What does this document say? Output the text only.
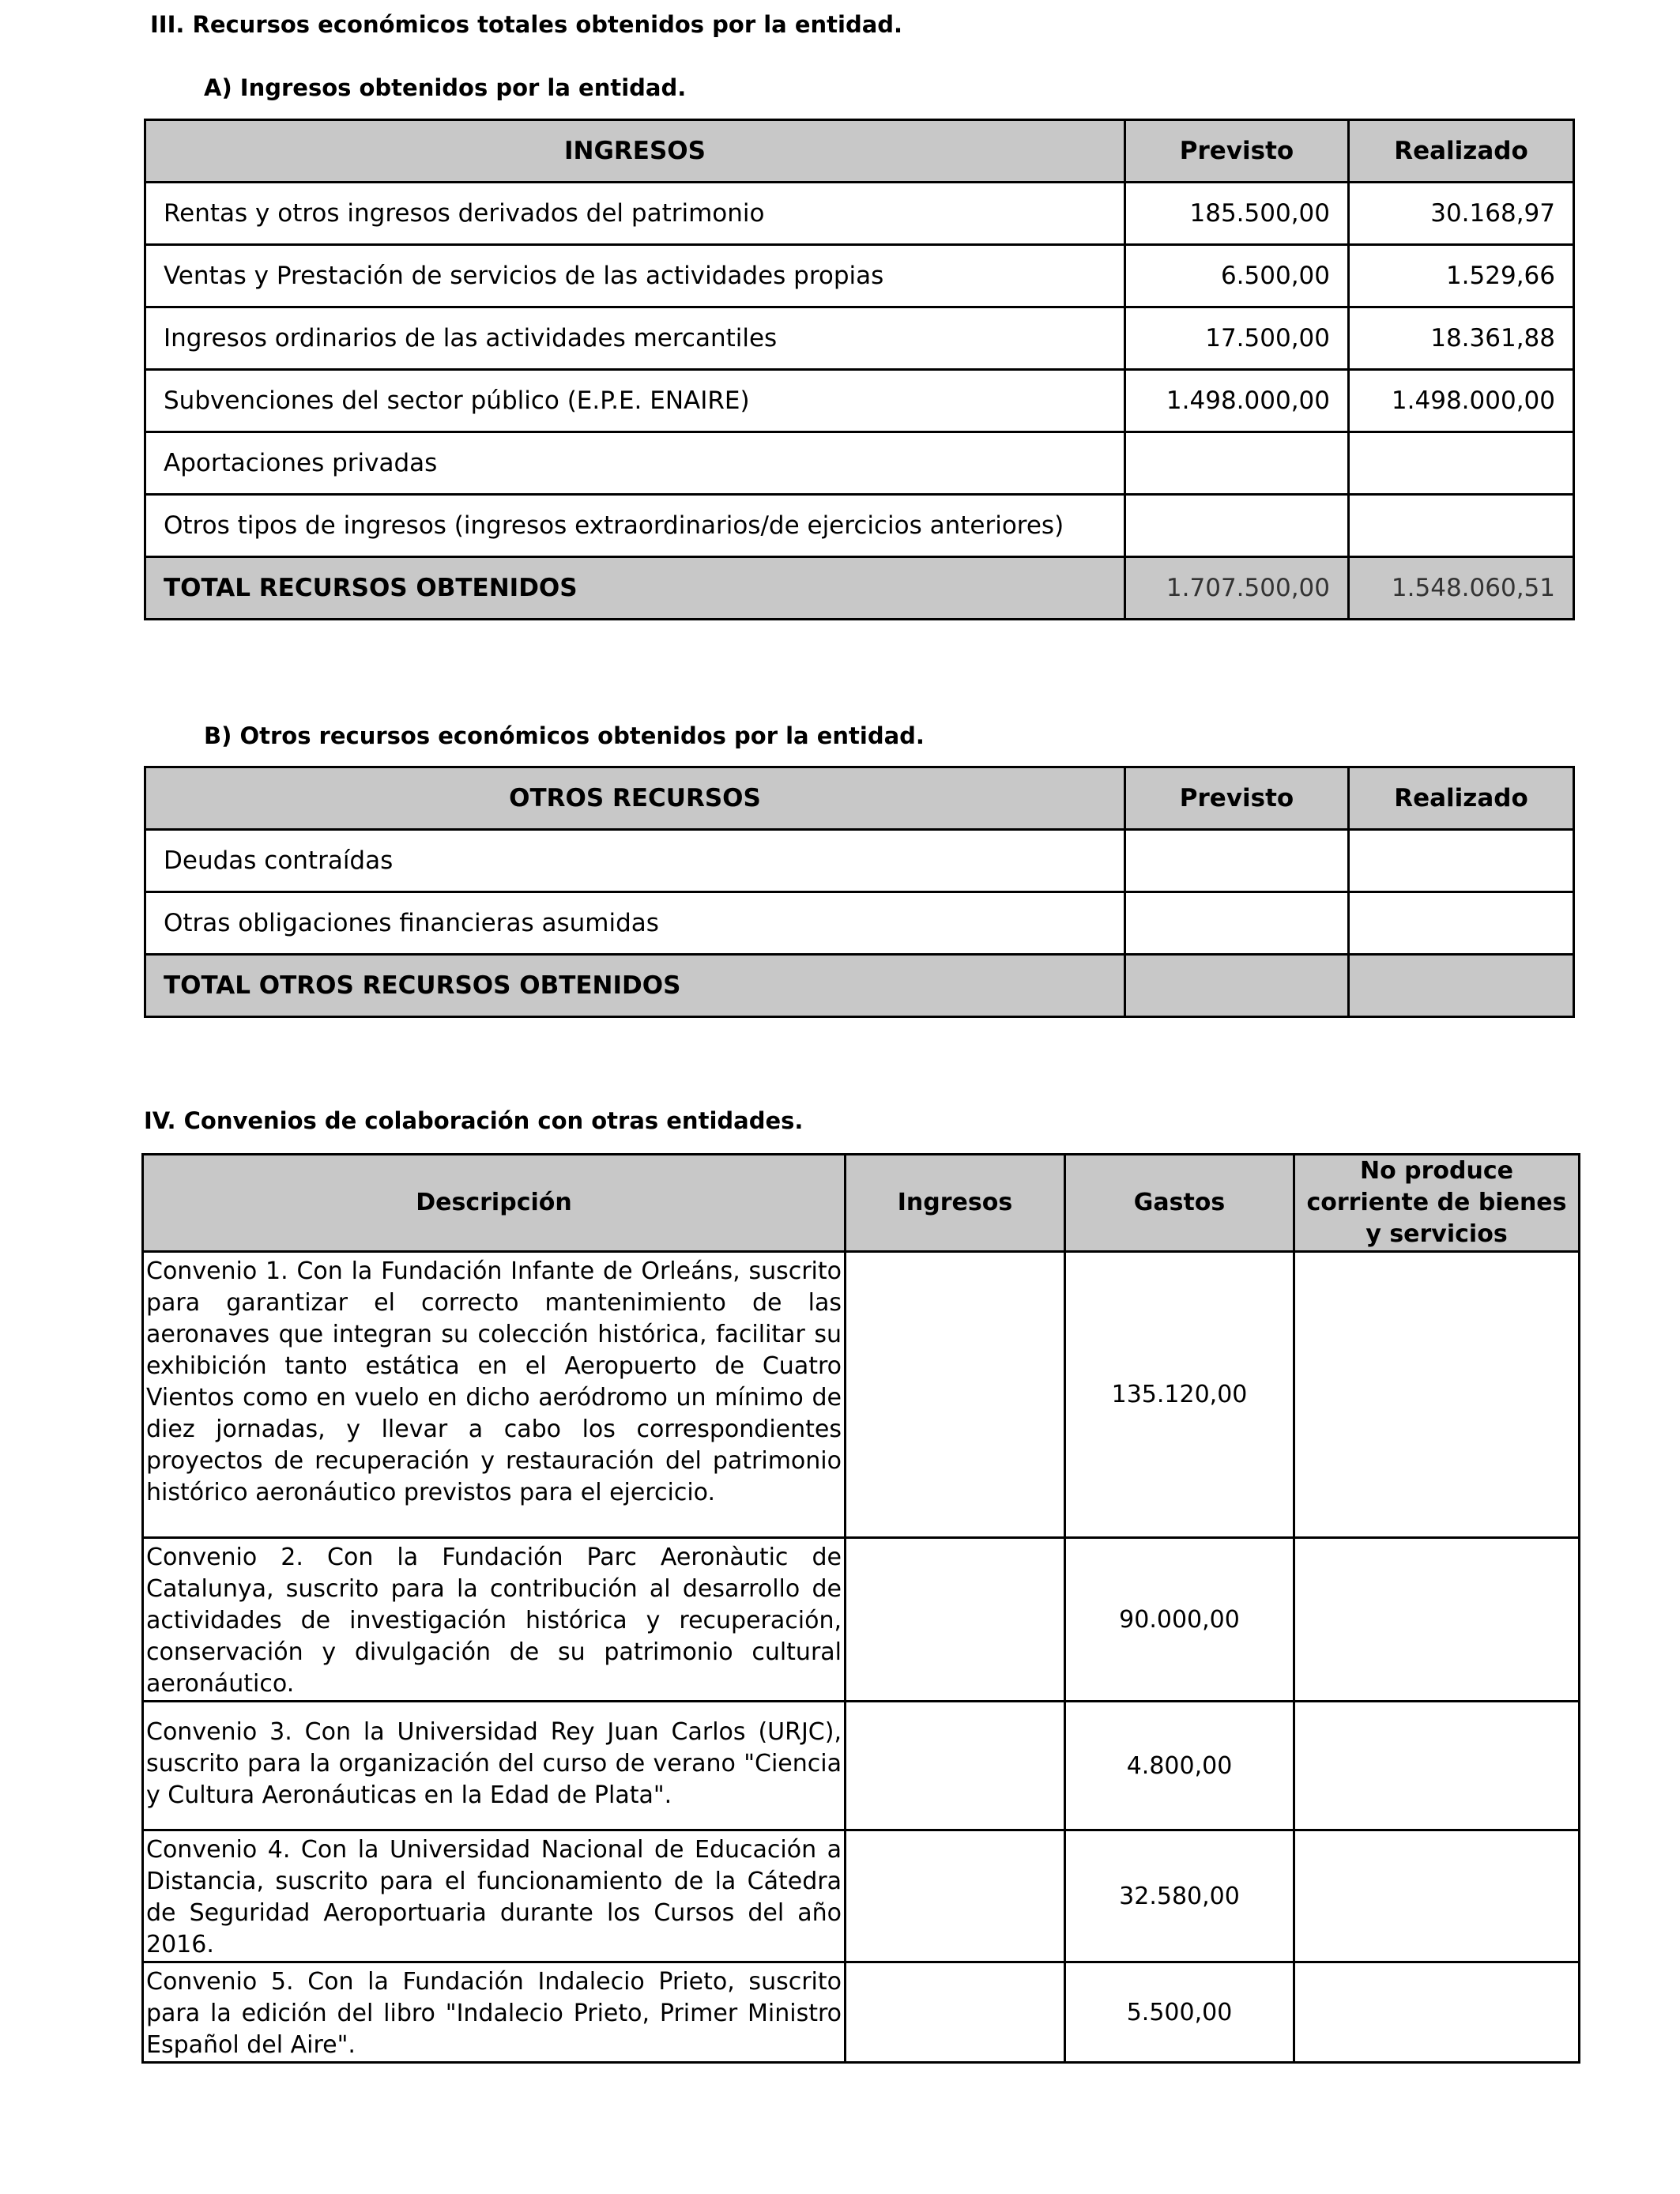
III. Recursos económicos totales obtenidos por la entidad.
A) Ingresos obtenidos por la entidad.
INGRESOS	Previsto	Realizado
Rentas y otros ingresos derivados del patrimonio	185.500,00	30.168,97
Ventas y Prestación de servicios de las actividades propias	6.500,00	1.529,66
Ingresos ordinarios de las actividades mercantiles	17.500,00	18.361,88
Subvenciones del sector público (E.P.E. ENAIRE)	1.498.000,00	1.498.000,00
Aportaciones privadas		
Otros tipos de ingresos (ingresos extraordinarios/de ejercicios anteriores)		
TOTAL RECURSOS OBTENIDOS	1.707.500,00	1.548.060,51
B) Otros recursos económicos obtenidos por la entidad.
OTROS RECURSOS	Previsto	Realizado
Deudas contraídas		
Otras obligaciones financieras asumidas		
TOTAL OTROS RECURSOS OBTENIDOS		
IV. Convenios de colaboración con otras entidades.
Descripción	Ingresos	Gastos	No produce corriente de bienes y servicios
Convenio 1. Con la Fundación Infante de Orleáns, suscrito para garantizar el correcto mantenimiento de las aeronaves que integran su colección histórica, facilitar su exhibición tanto estática en el Aeropuerto de Cuatro Vientos como en vuelo en dicho aeródromo un mínimo de diez jornadas, y llevar a cabo los correspondientes proyectos de recuperación y restauración del patrimonio histórico aeronáutico previstos para el ejercicio.		135.120,00	
Convenio 2. Con la Fundación Parc Aeronàutic de Catalunya, suscrito para la contribución al desarrollo de actividades de investigación histórica y recuperación, conservación y divulgación de su patrimonio cultural aeronáutico.		90.000,00	
Convenio 3. Con la Universidad Rey Juan Carlos (URJC), suscrito para la organización del curso de verano "Ciencia y Cultura Aeronáuticas en la Edad de Plata".		4.800,00	
Convenio 4. Con la Universidad Nacional de Educación a Distancia, suscrito para el funcionamiento de la Cátedra de Seguridad Aeroportuaria durante los Cursos del año 2016.		32.580,00	
Convenio 5. Con la Fundación Indalecio Prieto, suscrito para la edición del libro "Indalecio Prieto, Primer Ministro Español del Aire".		5.500,00	
